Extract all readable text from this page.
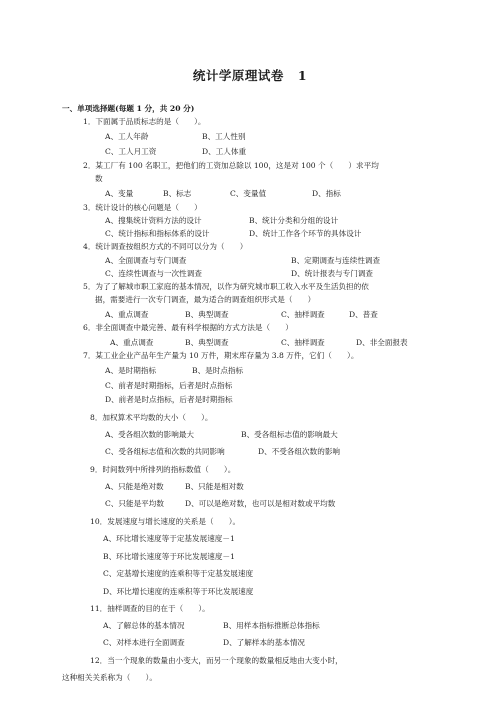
统计学原理试卷 1
一、单项选择题(每题 1 分，共 20 分)
1．下面属于品质标志的是（　　）。
A、工人年龄	B、工人性别
C、工人月工资	D、工人体重
2．某工厂有 100 名职工，把他们的工资加总除以 100，这是对 100 个（　　）求平均
数
A、变量	B、标志	C、变量值	D、指标
3．统计设计的核心问题是（　　）
A、搜集统计资料方法的设计	B、统计分类和分组的设计
C、统计指标和指标体系的设计	D、统计工作各个环节的具体设计
4．统计调查按组织方式的不同可以分为（　　）
A、全面调查与专门调查	B、定期调查与连续性调查
C、连续性调查与一次性调查	D、统计报表与专门调查
5．为了了解城市职工家庭的基本情况，以作为研究城市职工收入水平及生活负担的依
据，需要进行一次专门调查，最为适合的调查组织形式是（　　）
A、重点调查	B、典型调查	C、抽样调查	D、普查
6．非全面调查中最完善、最有科学根据的方式方法是（　　）
A、重点调查	B、典型调查	C、抽样调查	D、非全面报表
7．某工业企业产品年生产量为 10 万件，期末库存量为 3.8 万件，它们（　　）。
A、是时期指标	B、是时点指标
C、前者是时期指标，后者是时点指标
D、前者是时点指标，后者是时期指标
8．加权算术平均数的大小（　　）。
A、受各组次数的影响最大	B、受各组标志值的影响最大
C、受各组标志值和次数的共同影响	D、不受各组次数的影响
9．时间数列中所排列的指标数值（　　）。
A、只能是绝对数	B、只能是相对数
C、只能是平均数	D、可以是绝对数，也可以是相对数或平均数
10．发展速度与增长速度的关系是（　　）。
A、环比增长速度等于定基发展速度－1
B、环比增长速度等于环比发展速度－1
C、定基增长速度的连乘积等于定基发展速度
D、环比增长速度的连乘积等于环比发展速度
11．抽样调查的目的在于（　　）。
A、了解总体的基本情况	B、用样本指标推断总体指标
C、对样本进行全面调查	D、了解样本的基本情况
12．当一个现象的数量由小变大，而另一个现象的数量相反地由大变小时，
这种相关关系称为（　　）。
